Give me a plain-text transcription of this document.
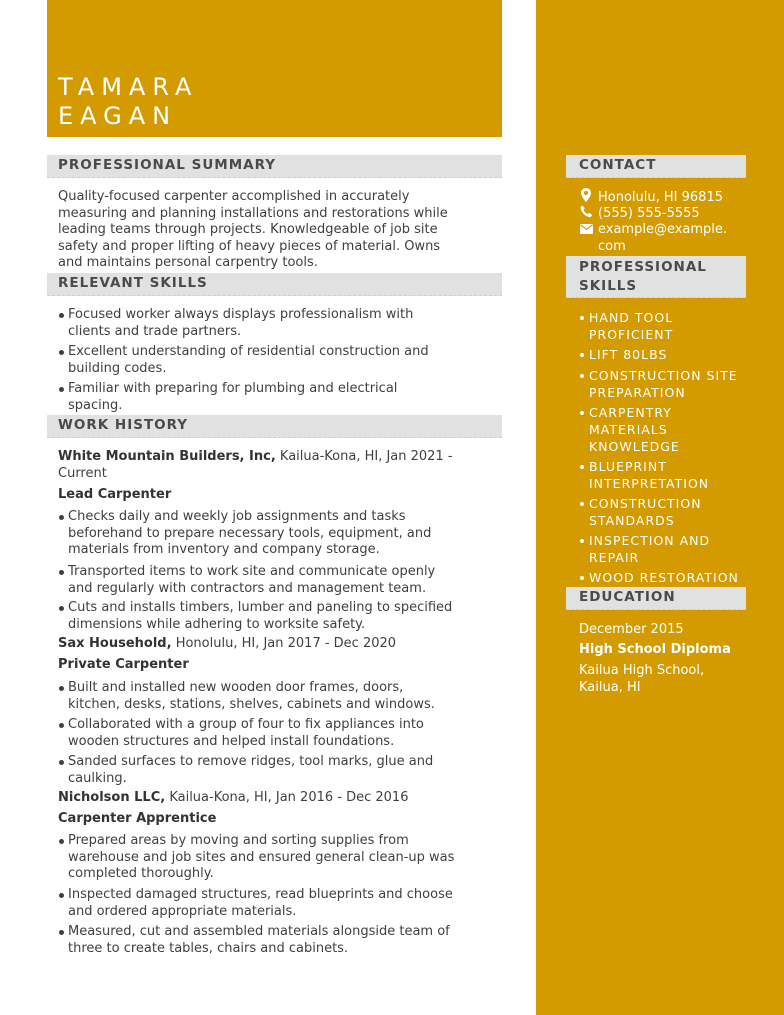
TAMARA
EAGAN
PROFESSIONAL SUMMARY
Quality-focused carpenter accomplished in accurately
measuring and planning installations and restorations while
leading teams through projects. Knowledgeable of job site
safety and proper lifting of heavy pieces of material. Owns
and maintains personal carpentry tools.
RELEVANT SKILLS
Focused worker always displays professionalism with
clients and trade partners.
Excellent understanding of residential construction and
building codes.
Familiar with preparing for plumbing and electrical
spacing.
WORK HISTORY
White Mountain Builders, Inc, Kailua-Kona, HI, Jan 2021 -
Current
Lead Carpenter
Checks daily and weekly job assignments and tasks
beforehand to prepare necessary tools, equipment, and
materials from inventory and company storage.
Transported items to work site and communicate openly
and regularly with contractors and management team.
Cuts and installs timbers, lumber and paneling to specified
dimensions while adhering to worksite safety.
Sax Household, Honolulu, HI, Jan 2017 - Dec 2020
Private Carpenter
Built and installed new wooden door frames, doors,
kitchen, desks, stations, shelves, cabinets and windows.
Collaborated with a group of four to fix appliances into
wooden structures and helped install foundations.
Sanded surfaces to remove ridges, tool marks, glue and
caulking.
Nicholson LLC, Kailua-Kona, HI, Jan 2016 - Dec 2016
Carpenter Apprentice
Prepared areas by moving and sorting supplies from
warehouse and job sites and ensured general clean-up was
completed thoroughly.
Inspected damaged structures, read blueprints and choose
and ordered appropriate materials.
Measured, cut and assembled materials alongside team of
three to create tables, chairs and cabinets.
CONTACT
Honolulu, HI 96815
(555) 555-5555
example@example.
com
PROFESSIONAL
SKILLS
HAND TOOL
PROFICIENT
LIFT 80LBS
CONSTRUCTION SITE
PREPARATION
CARPENTRY
MATERIALS
KNOWLEDGE
BLUEPRINT
INTERPRETATION
CONSTRUCTION
STANDARDS
INSPECTION AND
REPAIR
WOOD RESTORATION
EDUCATION
December 2015
High School Diploma
Kailua High School,
Kailua, HI
